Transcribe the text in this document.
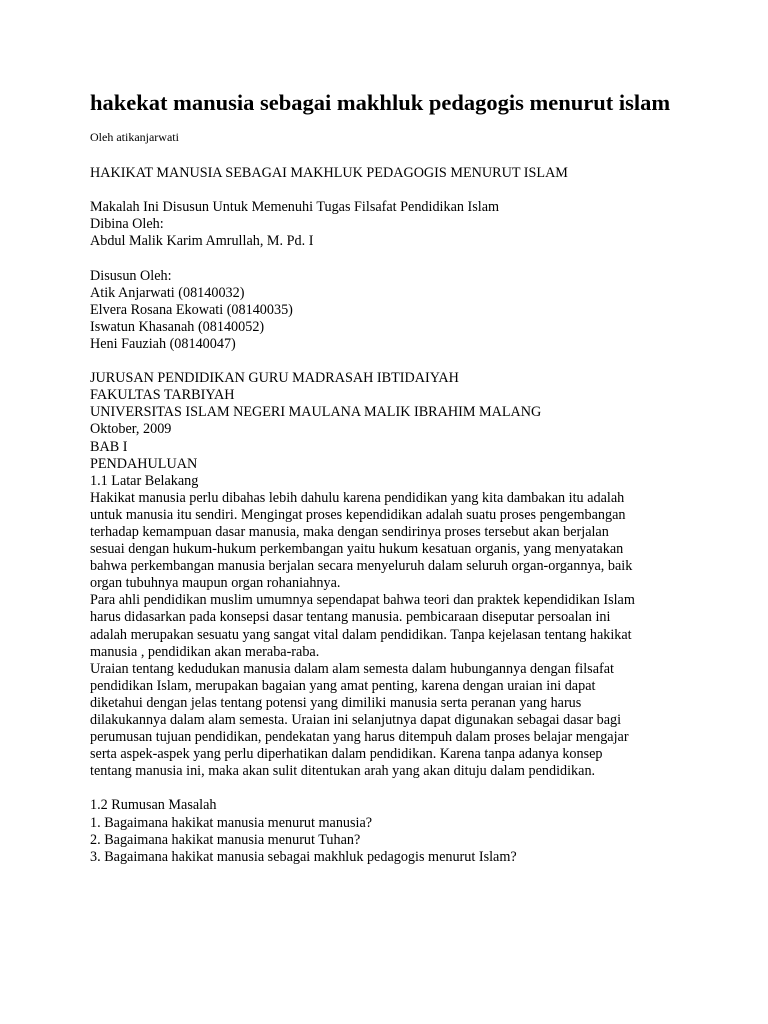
hakekat manusia sebagai makhluk pedagogis menurut islam
Oleh atikanjarwati
HAKIKAT MANUSIA SEBAGAI MAKHLUK PEDAGOGIS MENURUT ISLAM
Makalah Ini Disusun Untuk Memenuhi Tugas Filsafat Pendidikan Islam
Dibina Oleh:
Abdul Malik Karim Amrullah, M. Pd. I
Disusun Oleh:
Atik Anjarwati (08140032)
Elvera Rosana Ekowati (08140035)
Iswatun Khasanah (08140052)
Heni Fauziah (08140047)
JURUSAN PENDIDIKAN GURU MADRASAH IBTIDAIYAH
FAKULTAS TARBIYAH
UNIVERSITAS ISLAM NEGERI MAULANA MALIK IBRAHIM MALANG
Oktober, 2009
BAB I
PENDAHULUAN
1.1 Latar Belakang
Hakikat manusia perlu dibahas lebih dahulu karena pendidikan yang kita dambakan itu adalah
untuk manusia itu sendiri. Mengingat proses kependidikan adalah suatu proses pengembangan
terhadap kemampuan dasar manusia, maka dengan sendirinya proses tersebut akan berjalan
sesuai dengan hukum-hukum perkembangan yaitu hukum kesatuan organis, yang menyatakan
bahwa perkembangan manusia berjalan secara menyeluruh dalam seluruh organ-organnya, baik
organ tubuhnya maupun organ rohaniahnya.
Para ahli pendidikan muslim umumnya sependapat bahwa teori dan praktek kependidikan Islam
harus didasarkan pada konsepsi dasar tentang manusia. pembicaraan diseputar persoalan ini
adalah merupakan sesuatu yang sangat vital dalam pendidikan. Tanpa kejelasan tentang hakikat
manusia , pendidikan akan meraba-raba.
Uraian tentang kedudukan manusia dalam alam semesta dalam hubungannya dengan filsafat
pendidikan Islam, merupakan bagaian yang amat penting, karena dengan uraian ini dapat
diketahui dengan jelas tentang potensi yang dimiliki manusia serta peranan yang harus
dilakukannya dalam alam semesta. Uraian ini selanjutnya dapat digunakan sebagai dasar bagi
perumusan tujuan pendidikan, pendekatan yang harus ditempuh dalam proses belajar mengajar
serta aspek-aspek yang perlu diperhatikan dalam pendidikan. Karena tanpa adanya konsep
tentang manusia ini, maka akan sulit ditentukan arah yang akan dituju dalam pendidikan.
1.2 Rumusan Masalah
1. Bagaimana hakikat manusia menurut manusia?
2. Bagaimana hakikat manusia menurut Tuhan?
3. Bagaimana hakikat manusia sebagai makhluk pedagogis menurut Islam?
